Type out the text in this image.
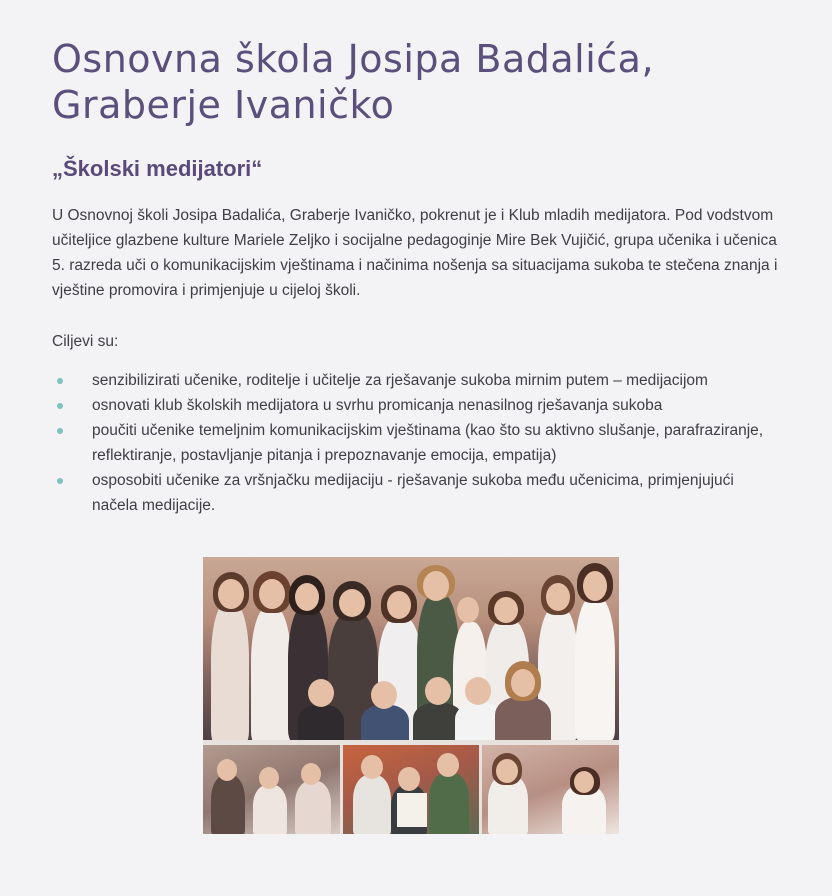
Osnovna škola Josipa Badalića,
Graberje Ivaničko
„Školski medijatori“

U Osnovnoj školi Josipa Badalića, Graberje Ivaničko, pokrenut je i Klub mladih medijatora. Pod vodstvom učiteljice glazbene kulture Mariele Zeljko i socijalne pedagoginje Mire Bek Vujičić, grupa učenika i učenica 5. razreda uči o komunikacijskim vještinama i načinima nošenja sa situacijama sukoba te stečena znanja i vještine promovira i primjenjuje u cijeloj školi.

Ciljevi su:

senzibilizirati učenike, roditelje i učitelje za rješavanje sukoba mirnim putem – medijacijom
osnovati klub školskih medijatora u svrhu promicanja nenasilnog rješavanja sukoba
poučiti učenike temeljnim komunikacijskim vještinama (kao što su aktivno slušanje, parafraziranje, reflektiranje, postavljanje pitanja i prepoznavanje emocija, empatija)
osposobiti učenike za vršnjačku medijaciju - rješavanje sukoba među učenicima, primjenjujući načela medijacije.
